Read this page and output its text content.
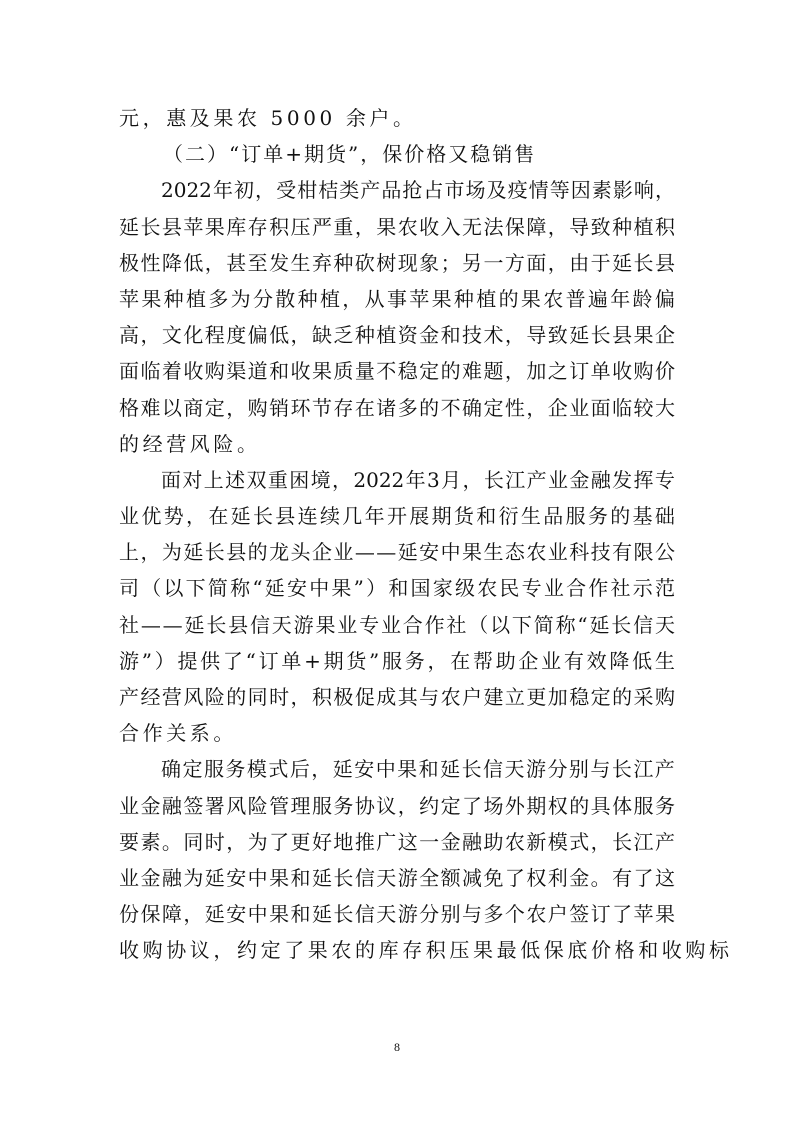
元，惠及果农 5000 余户。
（二）“订单+期货”，保价格又稳销售
2022 年 初 ， 受 柑 桔 类 产 品 抢 占 市 场 及 疫 情 等 因 素 影 响 ，
延 长 县 苹 果 库 存 积 压 严 重 ， 果 农 收 入 无 法 保 障 ， 导 致 种 植 积
极 性 降 低 ， 甚 至 发 生 弃 种 砍 树 现 象 ； 另 一 方 面 ， 由 于 延 长 县
苹 果 种 植 多 为 分 散 种 植 ， 从 事 苹 果 种 植 的 果 农 普 遍 年 龄 偏
高 ， 文 化 程 度 偏 低 ， 缺 乏 种 植 资 金 和 技 术 ， 导 致 延 长 县 果 企
面 临 着 收 购 渠 道 和 收 果 质 量 不 稳 定 的 难 题 ， 加 之 订 单 收 购 价
格 难 以 商 定 ， 购 销 环 节 存 在 诸 多 的 不 确 定 性 ， 企 业 面 临 较 大
的经营风险。
面 对 上 述 双 重 困 境 ， 2022 年 3 月 ， 长 江 产 业 金 融 发 挥 专
业 优 势 ， 在 延 长 县 连 续 几 年 开 展 期 货 和 衍 生 品 服 务 的 基 础
上 ， 为 延 长 县 的 龙 头 企 业 — — 延 安 中 果 生 态 农 业 科 技 有 限 公
司 （ 以 下 简 称 “ 延 安 中 果 ” ） 和 国 家 级 农 民 专 业 合 作 社 示 范
社 — — 延 长 县 信 天 游 果 业 专 业 合 作 社 （ 以 下 简 称 “ 延 长 信 天
游 ” ） 提 供 了 “ 订 单 + 期 货 ” 服 务 ， 在 帮 助 企 业 有 效 降 低 生
产 经 营 风 险 的 同 时 ， 积 极 促 成 其 与 农 户 建 立 更 加 稳 定 的 采 购
合作关系。
确 定 服 务 模 式 后 ， 延 安 中 果 和 延 长 信 天 游 分 别 与 长 江 产
业 金 融 签 署 风 险 管 理 服 务 协 议 ， 约 定 了 场 外 期 权 的 具 体 服 务
要 素 。 同 时 ， 为 了 更 好 地 推 广 这 一 金 融 助 农 新 模 式 ， 长 江 产
业 金 融 为 延 安 中 果 和 延 长 信 天 游 全 额 减 免 了 权 利 金 。 有 了 这
份 保 障 ， 延 安 中 果 和 延 长 信 天 游 分 别 与 多 个 农 户 签 订 了 苹 果
收购协议，约定了果农的库存积压果最低保底价格和收购标
8
